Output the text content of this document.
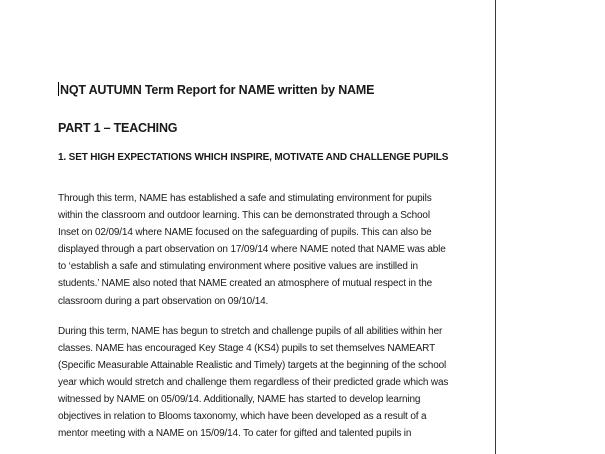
NQT AUTUMN Term Report for NAME written by NAME
PART 1 – TEACHING
1. SET HIGH EXPECTATIONS WHICH INSPIRE, MOTIVATE AND CHALLENGE PUPILS
Through this term, NAME has established a safe and stimulating environment for pupils
within the classroom and outdoor learning. This can be demonstrated through a School
Inset on 02/09/14 where NAME focused on the safeguarding of pupils. This can also be
displayed through a part observation on 17/09/14 where NAME noted that NAME was able
to ‘establish a safe and stimulating environment where positive values are instilled in
students.’ NAME also noted that NAME created an atmosphere of mutual respect in the
classroom during a part observation on 09/10/14.
During this term, NAME has begun to stretch and challenge pupils of all abilities within her
classes. NAME has encouraged Key Stage 4 (KS4) pupils to set themselves NAMEART
(Specific Measurable Attainable Realistic and Timely) targets at the beginning of the school
year which would stretch and challenge them regardless of their predicted grade which was
witnessed by NAME on 05/09/14. Additionally, NAME has started to develop learning
objectives in relation to Blooms taxonomy, which have been developed as a result of a
mentor meeting with a NAME on 15/09/14. To cater for gifted and talented pupils in
